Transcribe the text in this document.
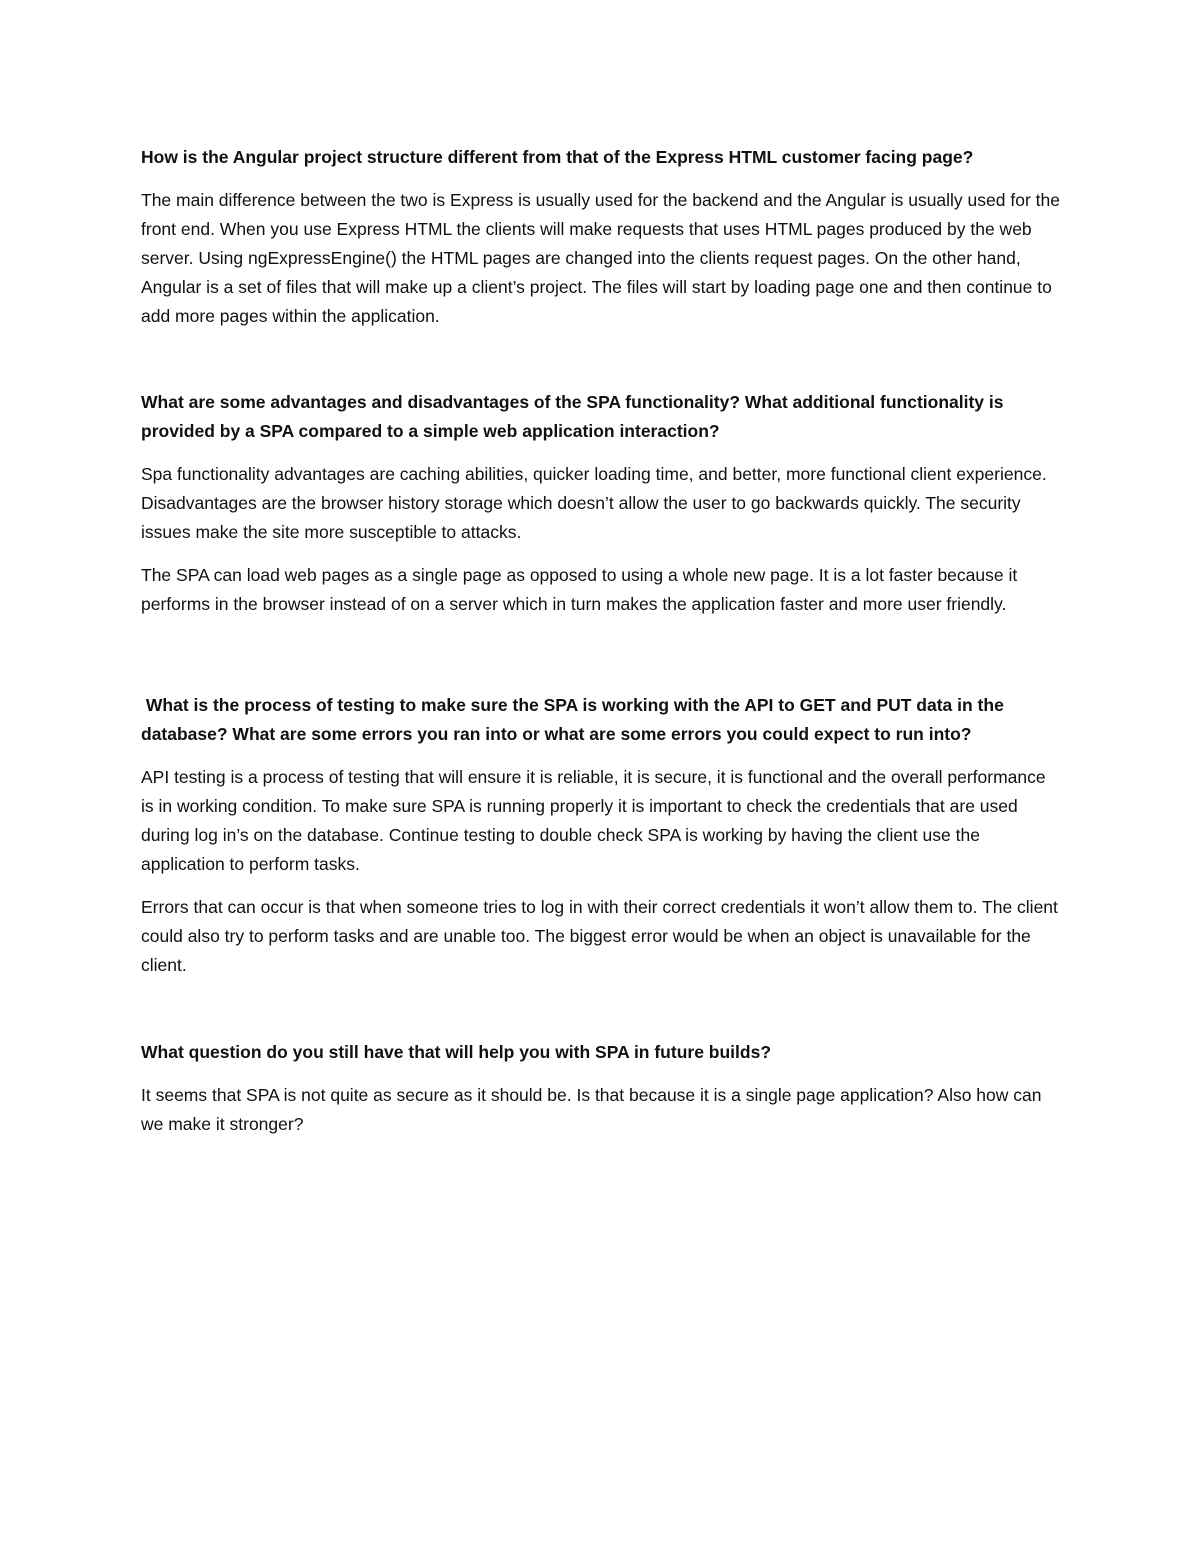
How is the Angular project structure different from that of the Express HTML customer facing page?
The main difference between the two is Express is usually used for the backend and the Angular is usually used for the front end. When you use Express HTML the clients will make requests that uses HTML pages produced by the web server. Using ngExpressEngine() the HTML pages are changed into the clients request pages. On the other hand, Angular is a set of files that will make up a client’s project. The files will start by loading page one and then continue to add more pages within the application.
What are some advantages and disadvantages of the SPA functionality? What additional functionality is provided by a SPA compared to a simple web application interaction?
Spa functionality advantages are caching abilities, quicker loading time, and better, more functional client experience. Disadvantages are the browser history storage which doesn’t allow the user to go backwards quickly. The security issues make the site more susceptible to attacks.
The SPA can load web pages as a single page as opposed to using a whole new page. It is a lot faster because it performs in the browser instead of on a server which in turn makes the application faster and more user friendly.
What is the process of testing to make sure the SPA is working with the API to GET and PUT data in the database? What are some errors you ran into or what are some errors you could expect to run into?
API testing is a process of testing that will ensure it is reliable, it is secure, it is functional and the overall performance is in working condition. To make sure SPA is running properly it is important to check the credentials that are used during log in’s on the database. Continue testing to double check SPA is working by having the client use the application to perform tasks.
Errors that can occur is that when someone tries to log in with their correct credentials it won’t allow them to. The client could also try to perform tasks and are unable too. The biggest error would be when an object is unavailable for the client.
What question do you still have that will help you with SPA in future builds?
It seems that SPA is not quite as secure as it should be. Is that because it is a single page application? Also how can we make it stronger?
